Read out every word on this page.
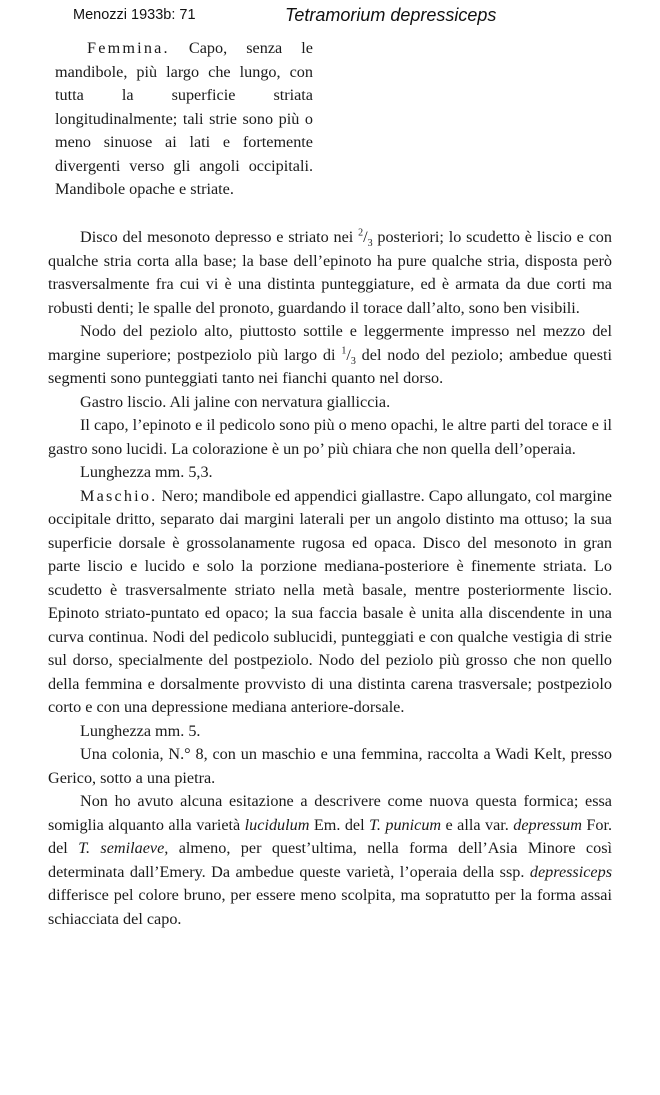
Menozzi 1933b: 71	Tetramorium depressiceps

Femmina. Capo, senza le mandibole, più largo che lungo, con tutta la superficie striata longitudinalmente; tali strie sono più o meno sinuose ai lati e fortemente divergenti verso gli angoli occipitali. Mandibole opache e striate.

Disco del mesonoto depresso e striato nei $^2/_3$ posteriori; lo scudetto è liscio e con qualche stria corta alla base; la base dell’epinoto ha pure qualche stria, disposta però trasversalmente fra cui vi è una distinta punteggiature, ed è armata da due corti ma robusti denti; le spalle del pronoto, guardando il torace dall’alto, sono ben visibili.

Nodo del peziolo alto, piuttosto sottile e leggermente impresso nel mezzo del margine superiore; postpeziolo più largo di $^1/_3$ del nodo del peziolo; ambedue questi segmenti sono punteggiati tanto nei fianchi quanto nel dorso.

Gastro liscio. Ali jaline con nervatura gialliccia.

Il capo, l’epinoto e il pedicolo sono più o meno opachi, le altre parti del torace e il gastro sono lucidi. La colorazione è un po’ più chiara che non quella dell’operaia.

Lunghezza mm. 5,3.

Maschio. Nero; mandibole ed appendici giallastre. Capo allungato, col margine occipitale dritto, separato dai margini laterali per un angolo distinto ma ottuso; la sua superficie dorsale è grossolanamente rugosa ed opaca. Disco del mesonoto in gran parte liscio e lucido e solo la porzione mediana-posteriore è finemente striata. Lo scudetto è trasversalmente striato nella metà basale, mentre posteriormente liscio. Epinoto striato-puntato ed opaco; la sua faccia basale è unita alla discendente in una curva continua. Nodi del pedicolo sublucidi, punteggiati e con qualche vestigia di strie sul dorso, specialmente del postpeziolo. Nodo del peziolo più grosso che non quello della femmina e dorsalmente provvisto di una distinta carena trasversale; postpeziolo corto e con una depressione mediana anteriore-dorsale.

Lunghezza mm. 5.

Una colonia, N.° 8, con un maschio e una femmina, raccolta a Wadi Kelt, presso Gerico, sotto a una pietra.

Non ho avuto alcuna esitazione a descrivere come nuova questa formica; essa somiglia alquanto alla varietà lucidulum Em. del T. punicum e alla var. depressum For. del T. semilaeve, almeno, per quest’ultima, nella forma dell’Asia Minore così determinata dall’Emery. Da ambedue queste varietà, l’operaia della ssp. depressiceps differisce pel colore bruno, per essere meno scolpita, ma sopratutto per la forma assai schiacciata del capo.
